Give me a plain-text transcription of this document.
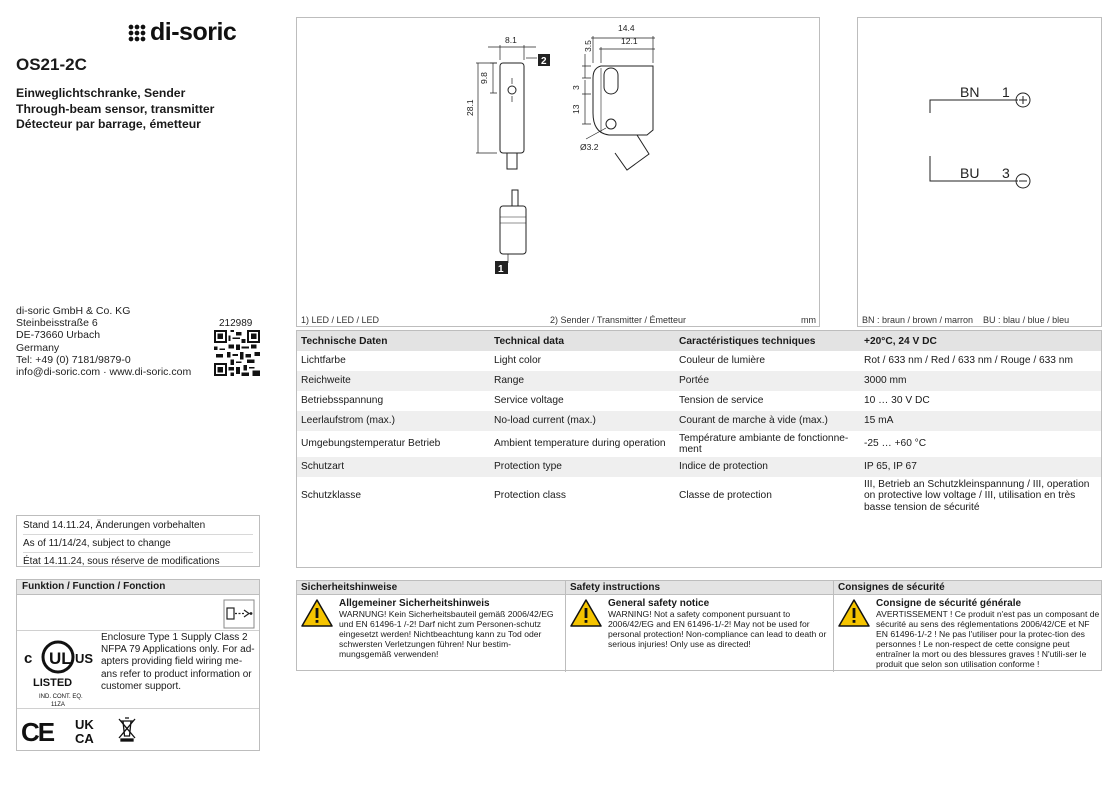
di-soric
OS21-2C
Einweglichtschranke, Sender
Through-beam sensor, transmitter
Détecteur par barrage, émetteur
di-soric GmbH & Co. KG
Steinbeisstraße 6
DE-73660 Urbach
Germany
Tel: +49 (0) 7181/9879-0
info@di-soric.com · www.di-soric.com
212989
Stand 14.11.24, Änderungen vorbehalten
As of 11/14/24, subject to change
État 14.11.24, sous réserve de modifications
Funktion / Function / Fonction
UL
c	US
LISTED
IND. CONT. EQ.
11ZA
Enclosure Type 1 Supply Class 2 NFPA 79 Applications only. For ad-apters providing field wiring me-ans refer to product information or customer support.
CE UK
CA
2
1
8.1
14.4
12.1
3.5
9.8
28.1
3
13
Ø3.2
1) LED / LED / LED	2) Sender / Transmitter / Émetteur	mm
BN 1
BU 3
BN : braun / brown / marron    BU : blau / blue / bleu
Technische Daten	Technical data	Caractéristiques techniques	+20°C, 24 V DC
Lichtfarbe	Light color	Couleur de lumière	Rot / 633 nm / Red / 633 nm / Rouge / 633 nm
Reichweite	Range	Portée	3000 mm
Betriebsspannung	Service voltage	Tension de service	10 … 30 V DC
Leerlaufstrom (max.)	No-load current (max.)	Courant de marche à vide (max.)	15 mA
Umgebungstemperatur Betrieb	Ambient temperature during operation	Température ambiante de fonctionne-ment	-25 … +60 °C
Schutzart	Protection type	Indice de protection	IP 65, IP 67
Schutzklasse	Protection class	Classe de protection	III, Betrieb an Schutzkleinspannung / III, operation on protective low voltage / III, utilisation en très basse tension de sécurité
Sicherheitshinweise
Allgemeiner Sicherheitshinweis
WARNUNG! Kein Sicherheitsbauteil gemäß 2006/42/EG und EN 61496-1 /-2! Darf nicht zum Personen-schutz eingesetzt werden! Nichtbeachtung kann zu Tod oder schwersten Verletzungen führen! Nur bestim-mungsgemäß verwenden!
Safety instructions
General safety notice
WARNING! Not a safety component pursuant to 2006/42/EG and EN 61496-1/-2! May not be used for personal protection! Non-compliance can lead to death or serious injuries! Only use as directed!
Consignes de sécurité
Consigne de sécurité générale
AVERTISSEMENT ! Ce produit n'est pas un composant de sécurité au sens des réglementations 2006/42/CE et NF EN 61496-1/-2 ! Ne pas l'utiliser pour la protec-tion des personnes ! Le non-respect de cette consigne peut entraîner la mort ou des blessures graves ! N'utili-ser le produit que selon son utilisation conforme !
